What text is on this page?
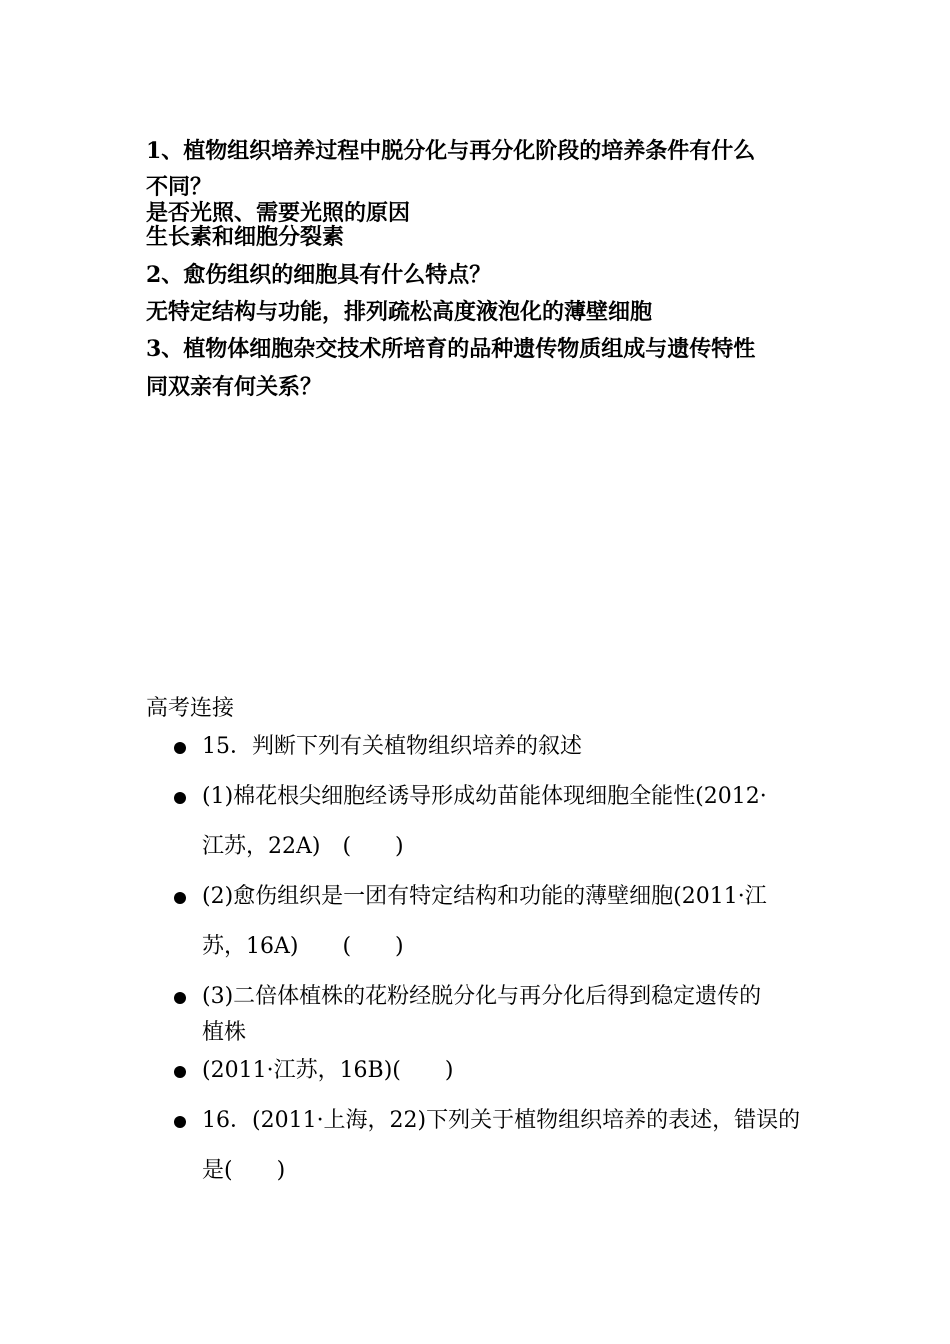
1、植物组织培养过程中脱分化与再分化阶段的培养条件有什么
不同？
是否光照、需要光照的原因
生长素和细胞分裂素
2、愈伤组织的细胞具有什么特点？
无特定结构与功能，排列疏松高度液泡化的薄壁细胞
3、植物体细胞杂交技术所培育的品种遗传物质组成与遗传特性
同双亲有何关系？
高考连接
15．判断下列有关植物组织培养的叙述
(1)棉花根尖细胞经诱导形成幼苗能体现细胞全能性(2012·
江苏，22A)　(　　)
(2)愈伤组织是一团有特定结构和功能的薄壁细胞(2011·江
苏，16A)　　(　　)
(3)二倍体植株的花粉经脱分化与再分化后得到稳定遗传的
植株
(2011·江苏，16B)(　　)
16．(2011·上海，22)下列关于植物组织培养的表述，错误的
是(　　)
